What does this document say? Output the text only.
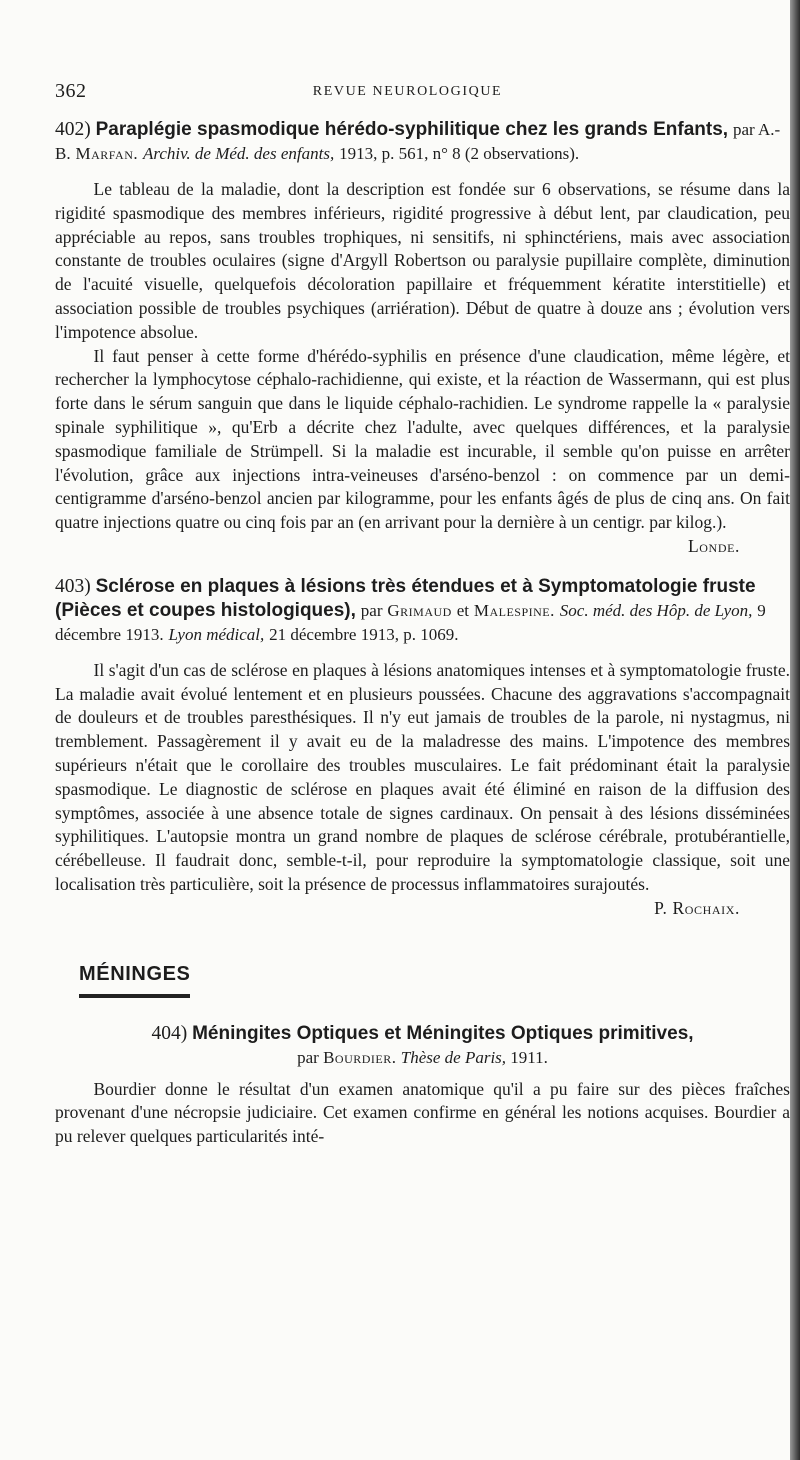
362	REVUE NEUROLOGIQUE

402) Paraplégie spasmodique hérédo-syphilitique chez les grands Enfants, par A.-B. Marfan. Archiv. de Méd. des enfants, 1913, p. 561, n° 8 (2 observations).

Le tableau de la maladie, dont la description est fondée sur 6 observations, se résume dans la rigidité spasmodique des membres inférieurs, rigidité progressive à début lent, par claudication, peu appréciable au repos, sans troubles trophiques, ni sensitifs, ni sphinctériens, mais avec association constante de troubles oculaires (signe d'Argyll Robertson ou paralysie pupillaire complète, diminution de l'acuité visuelle, quelquefois décoloration papillaire et fréquemment kératite interstitielle) et association possible de troubles psychiques (arriération). Début de quatre à douze ans ; évolution vers l'impotence absolue.

Il faut penser à cette forme d'hérédo-syphilis en présence d'une claudication, même légère, et rechercher la lymphocytose céphalo-rachidienne, qui existe, et la réaction de Wassermann, qui est plus forte dans le sérum sanguin que dans le liquide céphalo-rachidien. Le syndrome rappelle la « paralysie spinale syphilitique », qu'Erb a décrite chez l'adulte, avec quelques différences, et la paralysie spasmodique familiale de Strümpell. Si la maladie est incurable, il semble qu'on puisse en arrêter l'évolution, grâce aux injections intra-veineuses d'arséno-benzol : on commence par un demi-centigramme d'arséno-benzol ancien par kilogramme, pour les enfants âgés de plus de cinq ans. On fait quatre injections quatre ou cinq fois par an (en arrivant pour la dernière à un centigr. par kilog.).

Londe.

403) Sclérose en plaques à lésions très étendues et à Symptomatologie fruste (Pièces et coupes histologiques), par Grimaud et Malespine. Soc. méd. des Hôp. de Lyon, 9 décembre 1913. Lyon médical, 21 décembre 1913, p. 1069.

Il s'agit d'un cas de sclérose en plaques à lésions anatomiques intenses et à symptomatologie fruste. La maladie avait évolué lentement et en plusieurs poussées. Chacune des aggravations s'accompagnait de douleurs et de troubles paresthésiques. Il n'y eut jamais de troubles de la parole, ni nystagmus, ni tremblement. Passagèrement il y avait eu de la maladresse des mains. L'impotence des membres supérieurs n'était que le corollaire des troubles musculaires. Le fait prédominant était la paralysie spasmodique. Le diagnostic de sclérose en plaques avait été éliminé en raison de la diffusion des symptômes, associée à une absence totale de signes cardinaux. On pensait à des lésions disséminées syphilitiques. L'autopsie montra un grand nombre de plaques de sclérose cérébrale, protubérantielle, cérébelleuse. Il faudrait donc, semble-t-il, pour reproduire la symptomatologie classique, soit une localisation très particulière, soit la présence de processus inflammatoires surajoutés.

P. Rochaix.

MÉNINGES

404) Méningites Optiques et Méningites Optiques primitives,

par Bourdier. Thèse de Paris, 1911.

Bourdier donne le résultat d'un examen anatomique qu'il a pu faire sur des pièces fraîches provenant d'une nécropsie judiciaire. Cet examen confirme en général les notions acquises. Bourdier a pu relever quelques particularités inté-
